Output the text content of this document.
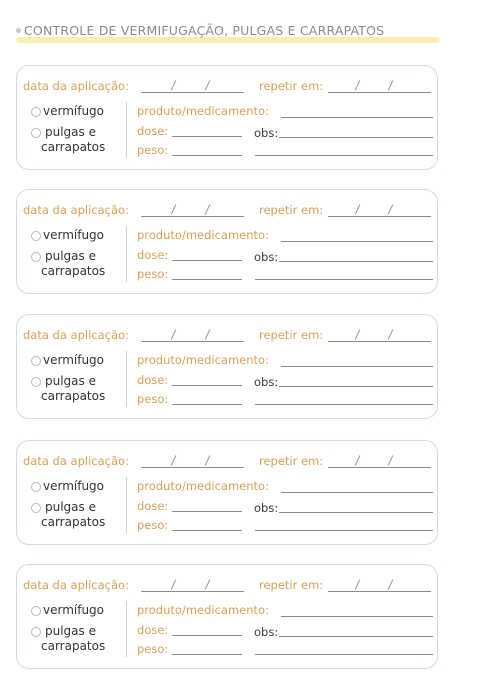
CONTROLE DE VERMIFUGAÇÃO, PULGAS E CARRAPATOS
data da aplicação:	repetir em:
vermífugo
pulgas e
carrapatos
produto/medicamento:
dose:	obs:
peso:
data da aplicação:	repetir em:
vermífugo
pulgas e
carrapatos
produto/medicamento:
dose:	obs:
peso:
data da aplicação:	repetir em:
vermífugo
pulgas e
carrapatos
produto/medicamento:
dose:	obs:
peso:
data da aplicação:	repetir em:
vermífugo
pulgas e
carrapatos
produto/medicamento:
dose:	obs:
peso:
data da aplicação:	repetir em:
vermífugo
pulgas e
carrapatos
produto/medicamento:
dose:	obs:
peso:
